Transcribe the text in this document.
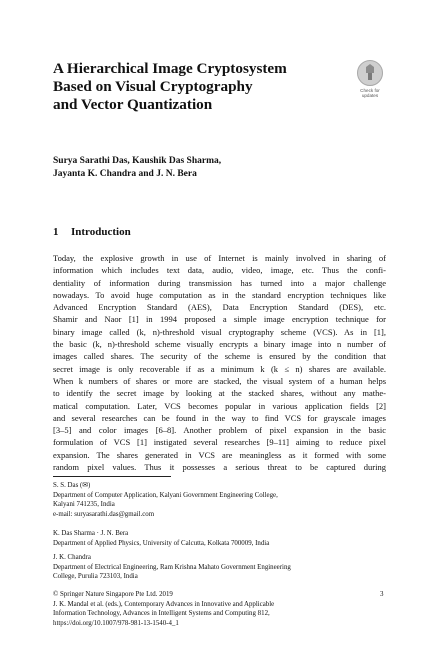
A Hierarchical Image Cryptosystem
Based on Visual Cryptography
and Vector Quantization
Check for
updates
Surya Sarathi Das, Kaushik Das Sharma,
Jayanta K. Chandra and J. N. Bera
1 Introduction
Today, the explosive growth in use of Internet is mainly involved in sharing of
information which includes text data, audio, video, image, etc. Thus the confi-
dentiality of information during transmission has turned into a major challenge
nowadays. To avoid huge computation as in the standard encryption techniques like
Advanced Encryption Standard (AES), Data Encryption Standard (DES), etc.
Shamir and Naor [1] in 1994 proposed a simple image encryption technique for
binary image called (k, n)-threshold visual cryptography scheme (VCS). As in [1],
the basic (k, n)-threshold scheme visually encrypts a binary image into n number of
images called shares. The security of the scheme is ensured by the condition that
secret image is only recoverable if as a minimum k (k ≤ n) shares are available.
When k numbers of shares or more are stacked, the visual system of a human helps
to identify the secret image by looking at the stacked shares, without any mathe-
matical computation. Later, VCS becomes popular in various application fields [2]
and several researches can be found in the way to find VCS for grayscale images
[3–5] and color images [6–8]. Another problem of pixel expansion in the basic
formulation of VCS [1] instigated several researches [9–11] aiming to reduce pixel
expansion. The shares generated in VCS are meaningless as it formed with some
random pixel values. Thus it possesses a serious threat to be captured during
S. S. Das (✉)
Department of Computer Application, Kalyani Government Engineering College,
Kalyani 741235, India
e-mail: suryasarathi.das@gmail.com
K. Das Sharma · J. N. Bera
Department of Applied Physics, University of Calcutta, Kolkata 700009, India
J. K. Chandra
Department of Electrical Engineering, Ram Krishna Mahato Government Engineering
College, Purulia 723103, India
© Springer Nature Singapore Pte Ltd. 2019
J. K. Mandal et al. (eds.), Contemporary Advances in Innovative and Applicable
Information Technology, Advances in Intelligent Systems and Computing 812,
https://doi.org/10.1007/978-981-13-1540-4_1
3
